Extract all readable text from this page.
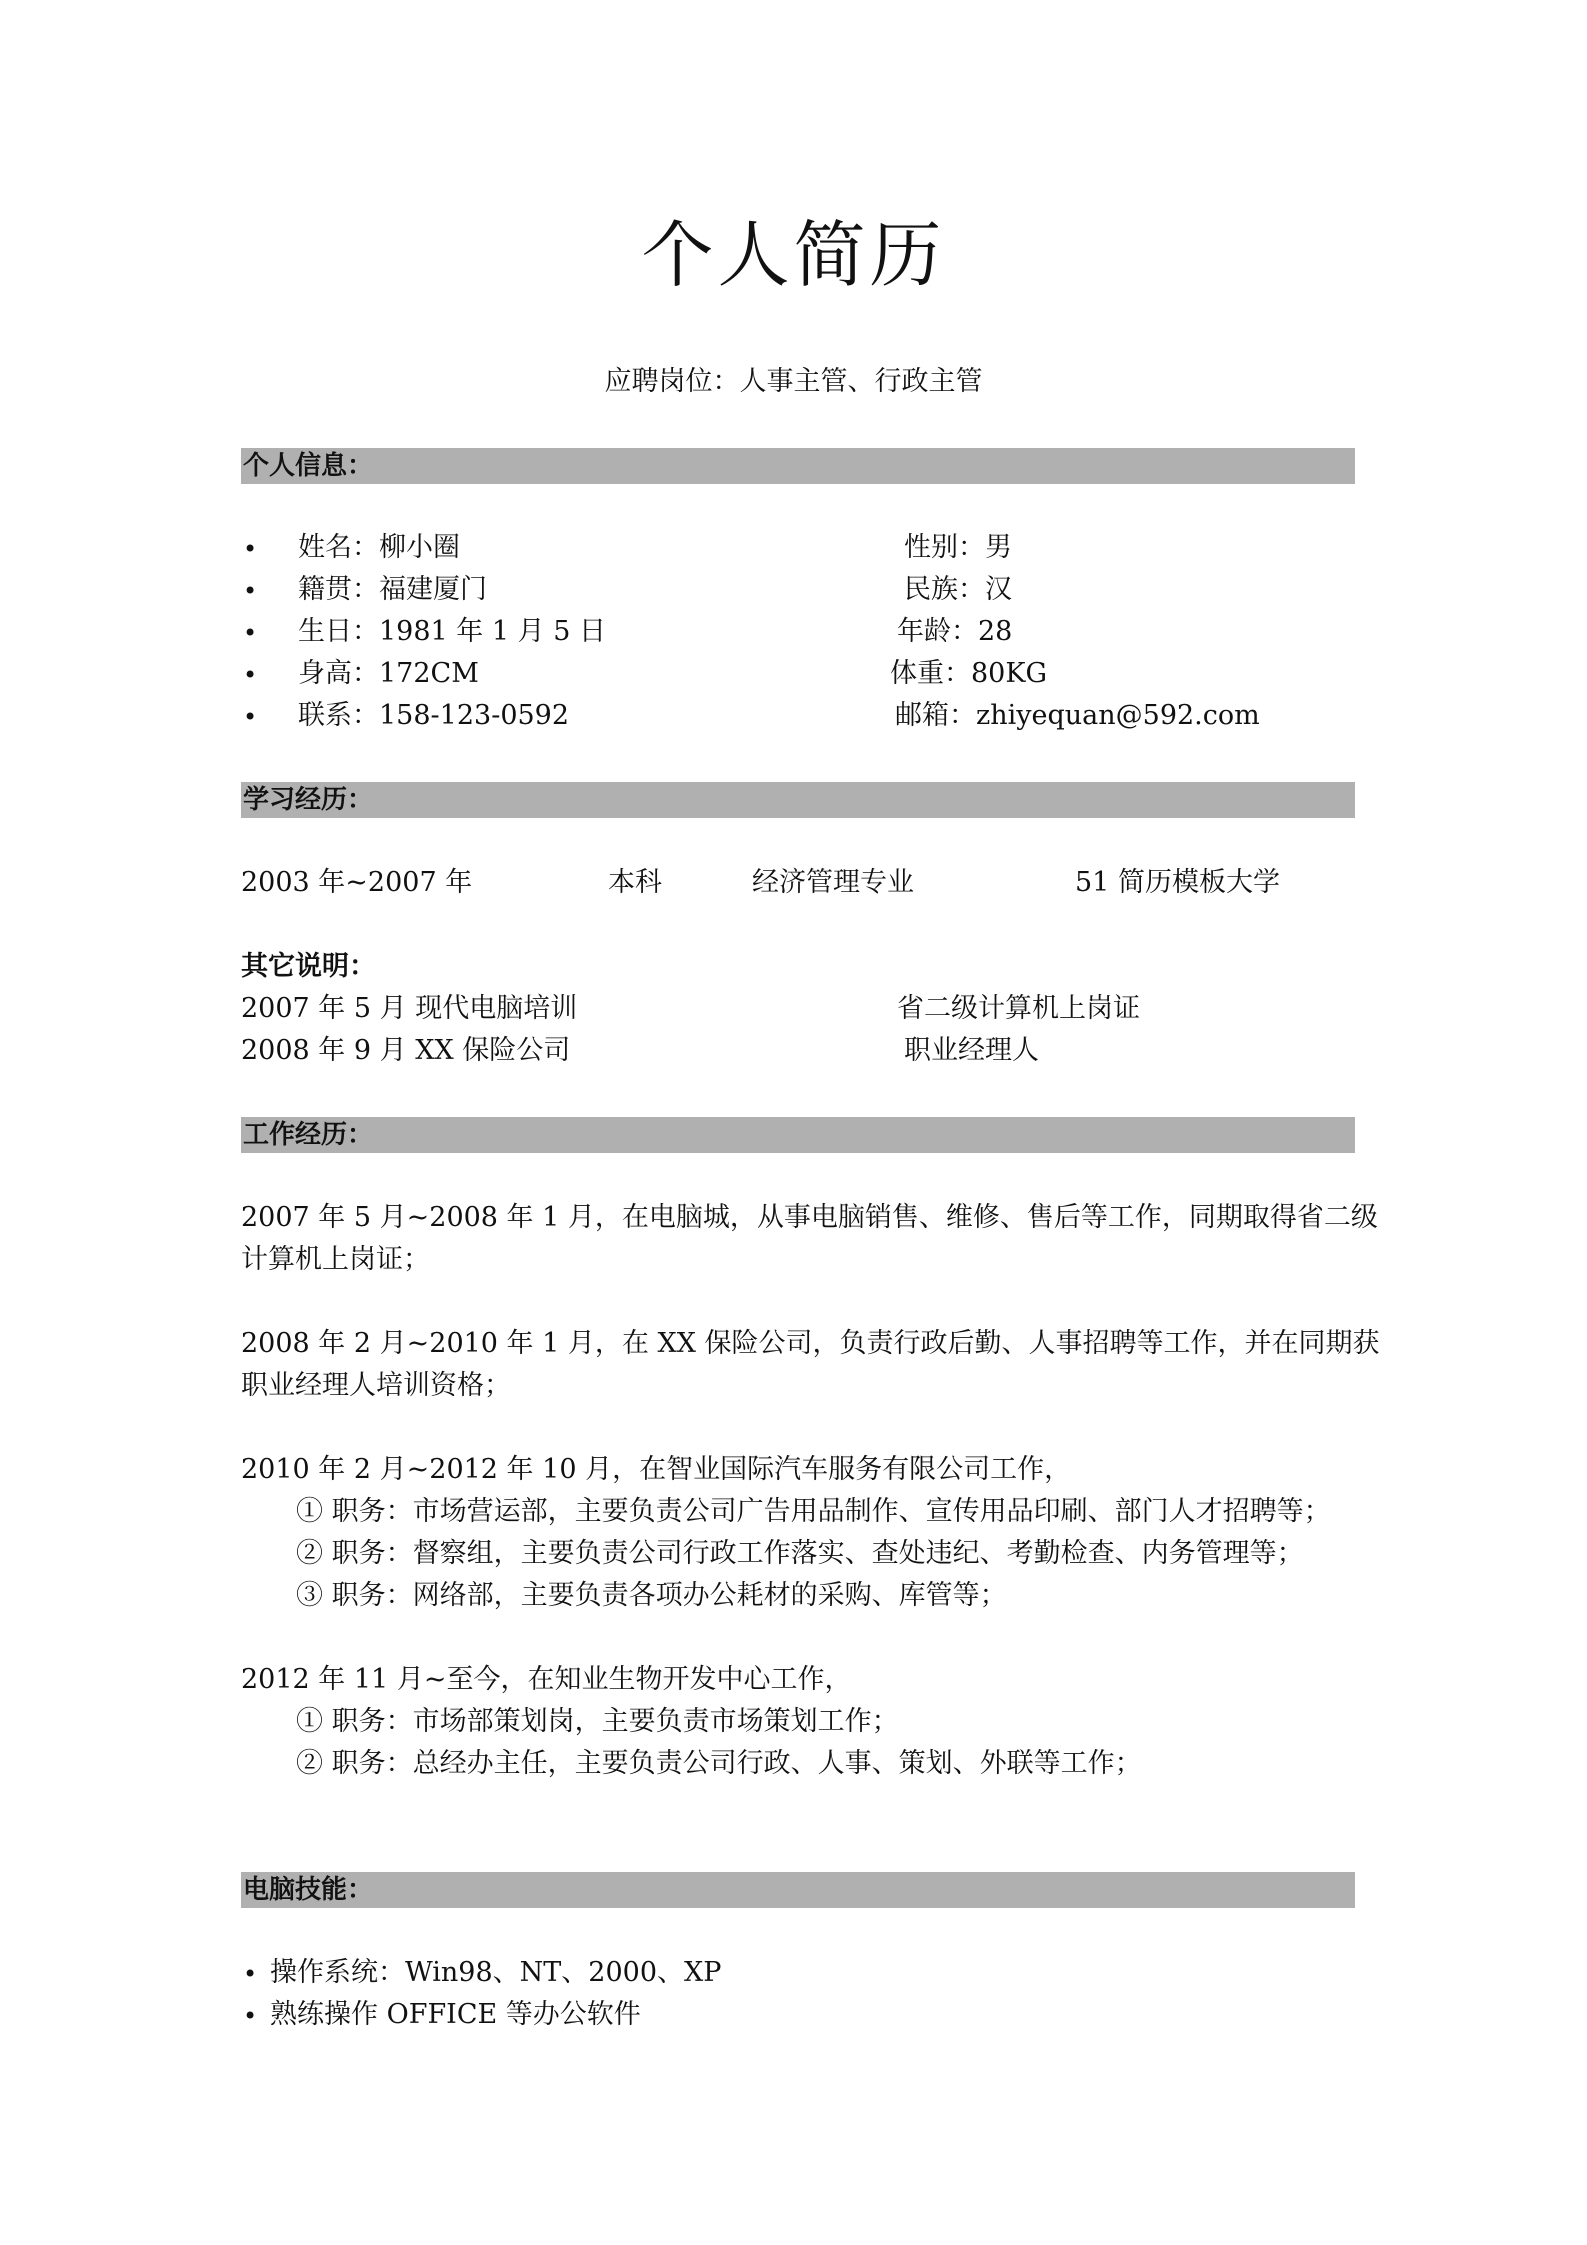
个人简历
应聘岗位：人事主管、行政主管
个人信息：
• 姓名：柳小圈	性别：男
• 籍贯：福建厦门	民族：汉
• 生日：1981 年 1 月 5 日	年龄：28
• 身高：172CM	体重：80KG
• 联系：158-123-0592	邮箱：zhiyequan@592.com
学习经历：
2003 年~2007 年	本科	经济管理专业	51 简历模板大学
其它说明：
2007 年 5 月 现代电脑培训	省二级计算机上岗证
2008 年 9 月 XX 保险公司	职业经理人
工作经历：
2007 年 5 月~2008 年 1 月，在电脑城，从事电脑销售、维修、售后等工作，同期取得省二级
计算机上岗证；
2008 年 2 月~2010 年 1 月，在 XX 保险公司，负责行政后勤、人事招聘等工作，并在同期获
职业经理人培训资格；
2010 年 2 月~2012 年 10 月，在智业国际汽车服务有限公司工作，
① 职务：市场营运部，主要负责公司广告用品制作、宣传用品印刷、部门人才招聘等；
② 职务：督察组，主要负责公司行政工作落实、查处违纪、考勤检查、内务管理等；
③ 职务：网络部，主要负责各项办公耗材的采购、库管等；
2012 年 11 月~至今，在知业生物开发中心工作，
① 职务：市场部策划岗，主要负责市场策划工作；
② 职务：总经办主任，主要负责公司行政、人事、策划、外联等工作；
电脑技能：
• 操作系统：Win98、NT、2000、XP
• 熟练操作 OFFICE 等办公软件
